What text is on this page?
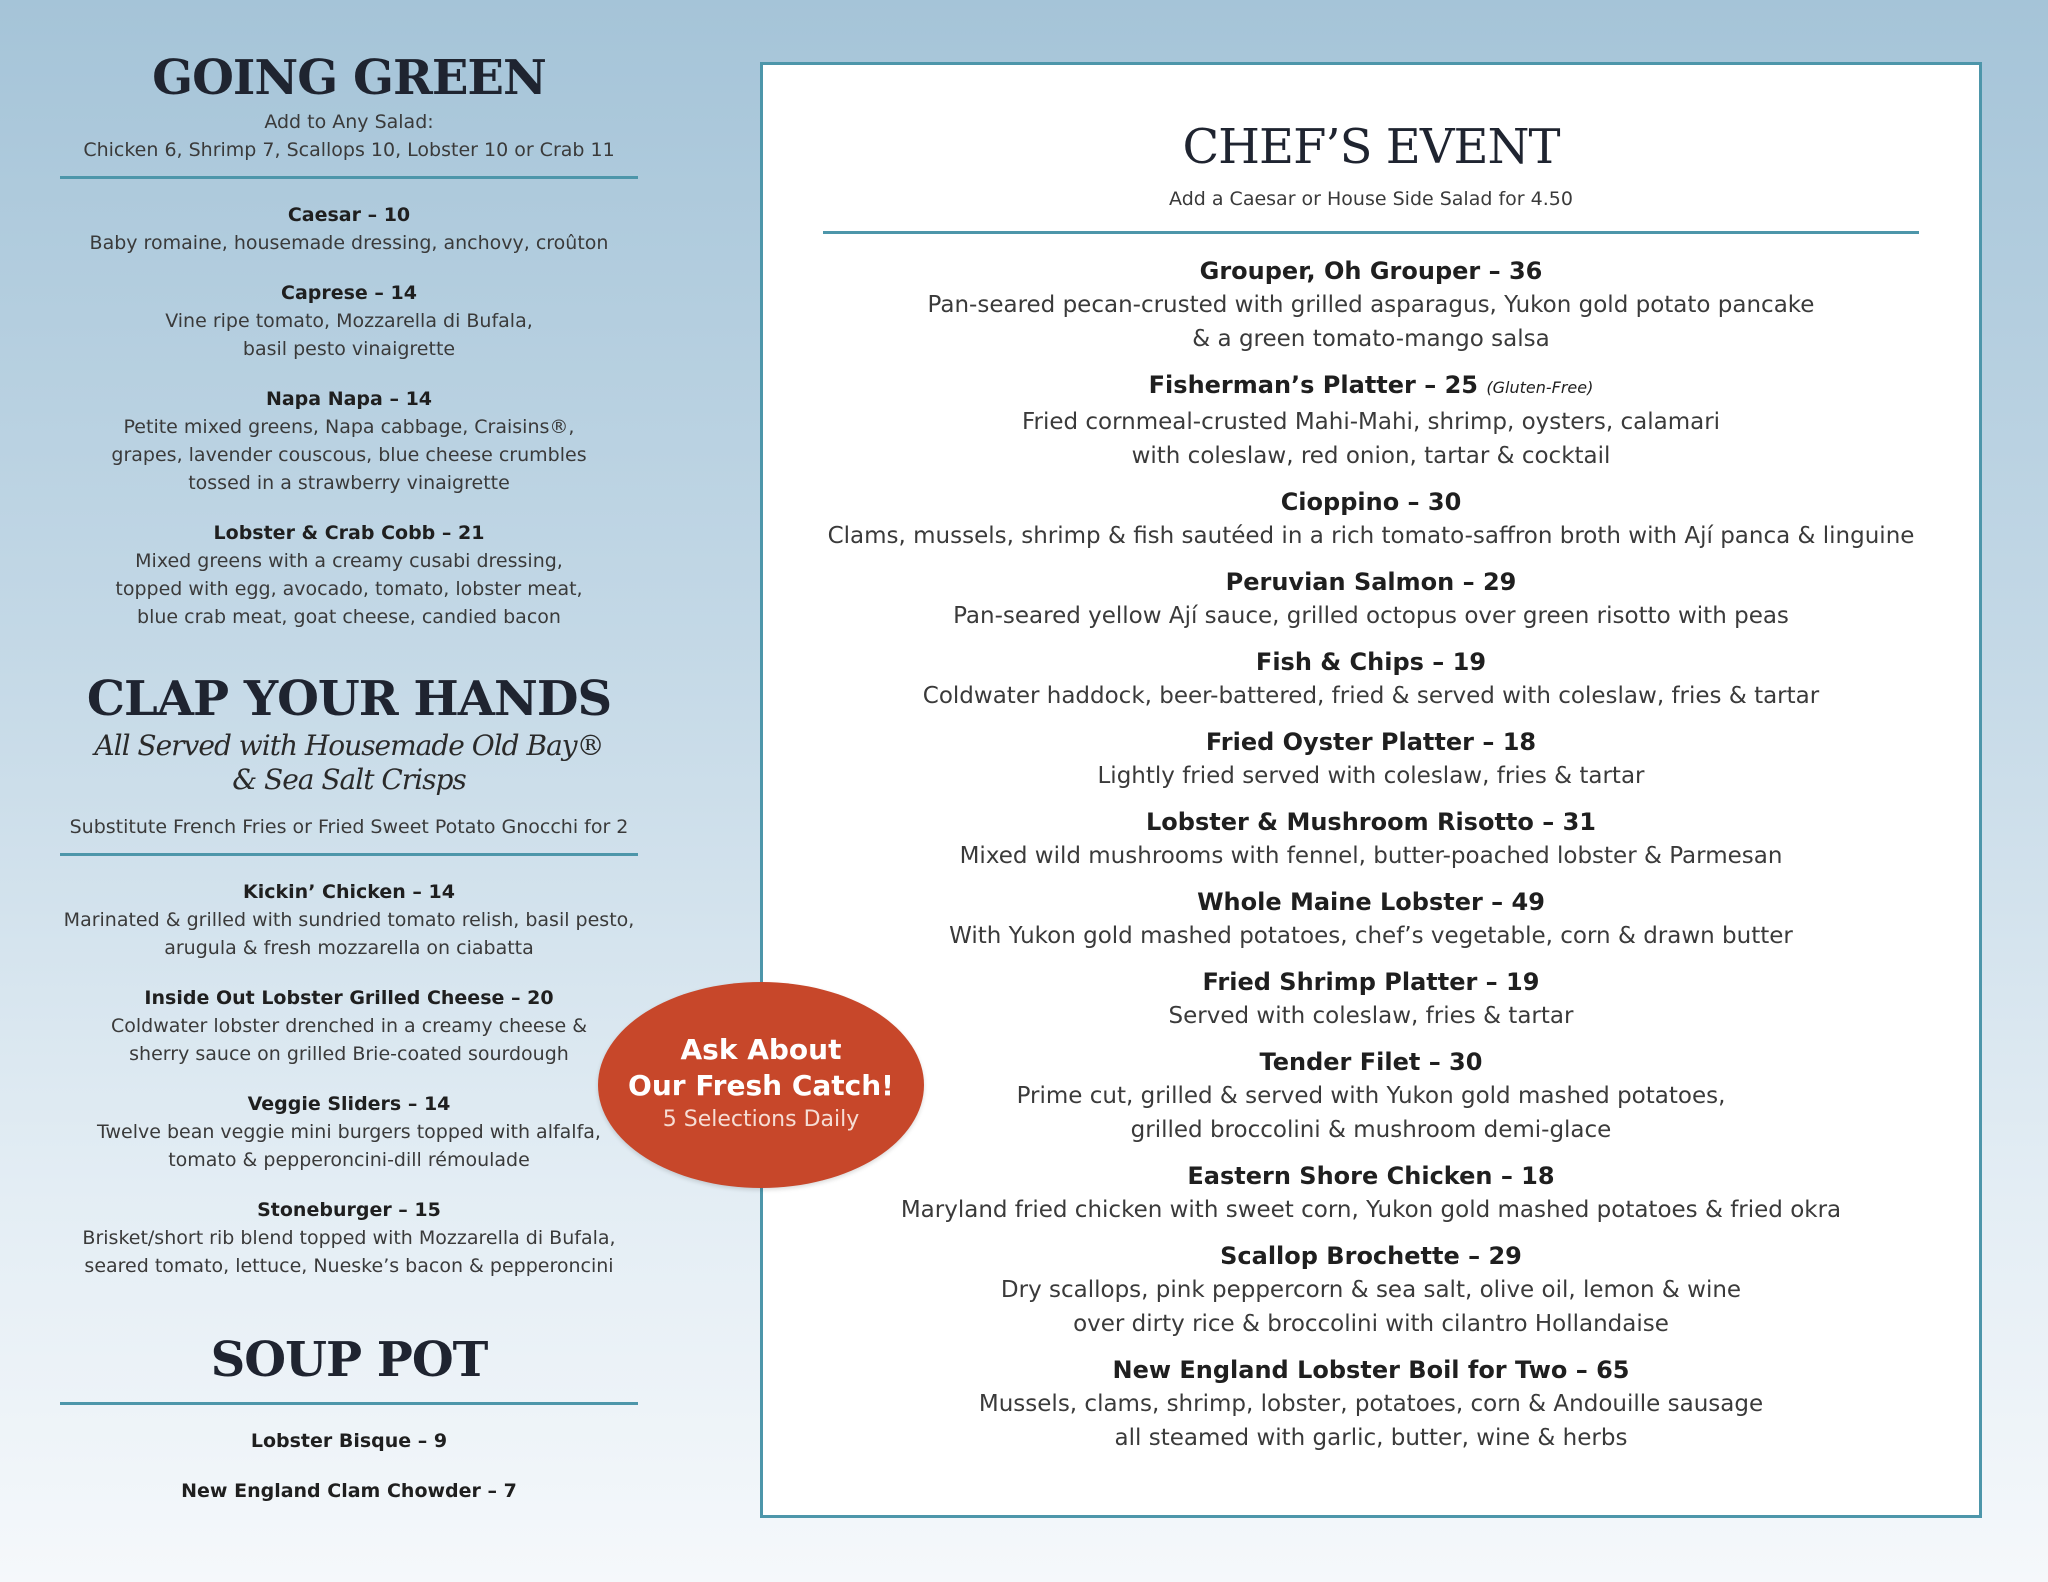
GOING GREEN
Add to Any Salad:
Chicken 6, Shrimp 7, Scallops 10, Lobster 10 or Crab 11
Caesar – 10
Baby romaine, housemade dressing, anchovy, croûton
Caprese – 14
Vine ripe tomato, Mozzarella di Bufala,
basil pesto vinaigrette
Napa Napa – 14
Petite mixed greens, Napa cabbage, Craisins®,
grapes, lavender couscous, blue cheese crumbles
tossed in a strawberry vinaigrette
Lobster & Crab Cobb – 21
Mixed greens with a creamy cusabi dressing,
topped with egg, avocado, tomato, lobster meat,
blue crab meat, goat cheese, candied bacon
CLAP YOUR HANDS
All Served with Housemade Old Bay®
& Sea Salt Crisps
Substitute French Fries or Fried Sweet Potato Gnocchi for 2
Kickin’ Chicken – 14
Marinated & grilled with sundried tomato relish, basil pesto,
arugula & fresh mozzarella on ciabatta
Inside Out Lobster Grilled Cheese – 20
Coldwater lobster drenched in a creamy cheese &
sherry sauce on grilled Brie-coated sourdough
Veggie Sliders – 14
Twelve bean veggie mini burgers topped with alfalfa,
tomato & pepperoncini-dill rémoulade
Stoneburger – 15
Brisket/short rib blend topped with Mozzarella di Bufala,
seared tomato, lettuce, Nueske’s bacon & pepperoncini
SOUP POT
Lobster Bisque – 9
New England Clam Chowder – 7
CHEF’S EVENT
Add a Caesar or House Side Salad for 4.50
Grouper, Oh Grouper – 36
Pan-seared pecan-crusted with grilled asparagus, Yukon gold potato pancake
& a green tomato-mango salsa
Fisherman’s Platter – 25 (Gluten-Free)
Fried cornmeal-crusted Mahi-Mahi, shrimp, oysters, calamari
with coleslaw, red onion, tartar & cocktail
Cioppino – 30
Clams, mussels, shrimp & fish sautéed in a rich tomato-saffron broth with Ají panca & linguine
Peruvian Salmon – 29
Pan-seared yellow Ají sauce, grilled octopus over green risotto with peas
Fish & Chips – 19
Coldwater haddock, beer-battered, fried & served with coleslaw, fries & tartar
Fried Oyster Platter – 18
Lightly fried served with coleslaw, fries & tartar
Lobster & Mushroom Risotto – 31
Mixed wild mushrooms with fennel, butter-poached lobster & Parmesan
Whole Maine Lobster – 49
With Yukon gold mashed potatoes, chef’s vegetable, corn & drawn butter
Fried Shrimp Platter – 19
Served with coleslaw, fries & tartar
Tender Filet – 30
Prime cut, grilled & served with Yukon gold mashed potatoes,
grilled broccolini & mushroom demi-glace
Eastern Shore Chicken – 18
Maryland fried chicken with sweet corn, Yukon gold mashed potatoes & fried okra
Scallop Brochette – 29
Dry scallops, pink peppercorn & sea salt, olive oil, lemon & wine
over dirty rice & broccolini with cilantro Hollandaise
New England Lobster Boil for Two – 65
Mussels, clams, shrimp, lobster, potatoes, corn & Andouille sausage
all steamed with garlic, butter, wine & herbs
Ask About
Our Fresh Catch!
5 Selections Daily
